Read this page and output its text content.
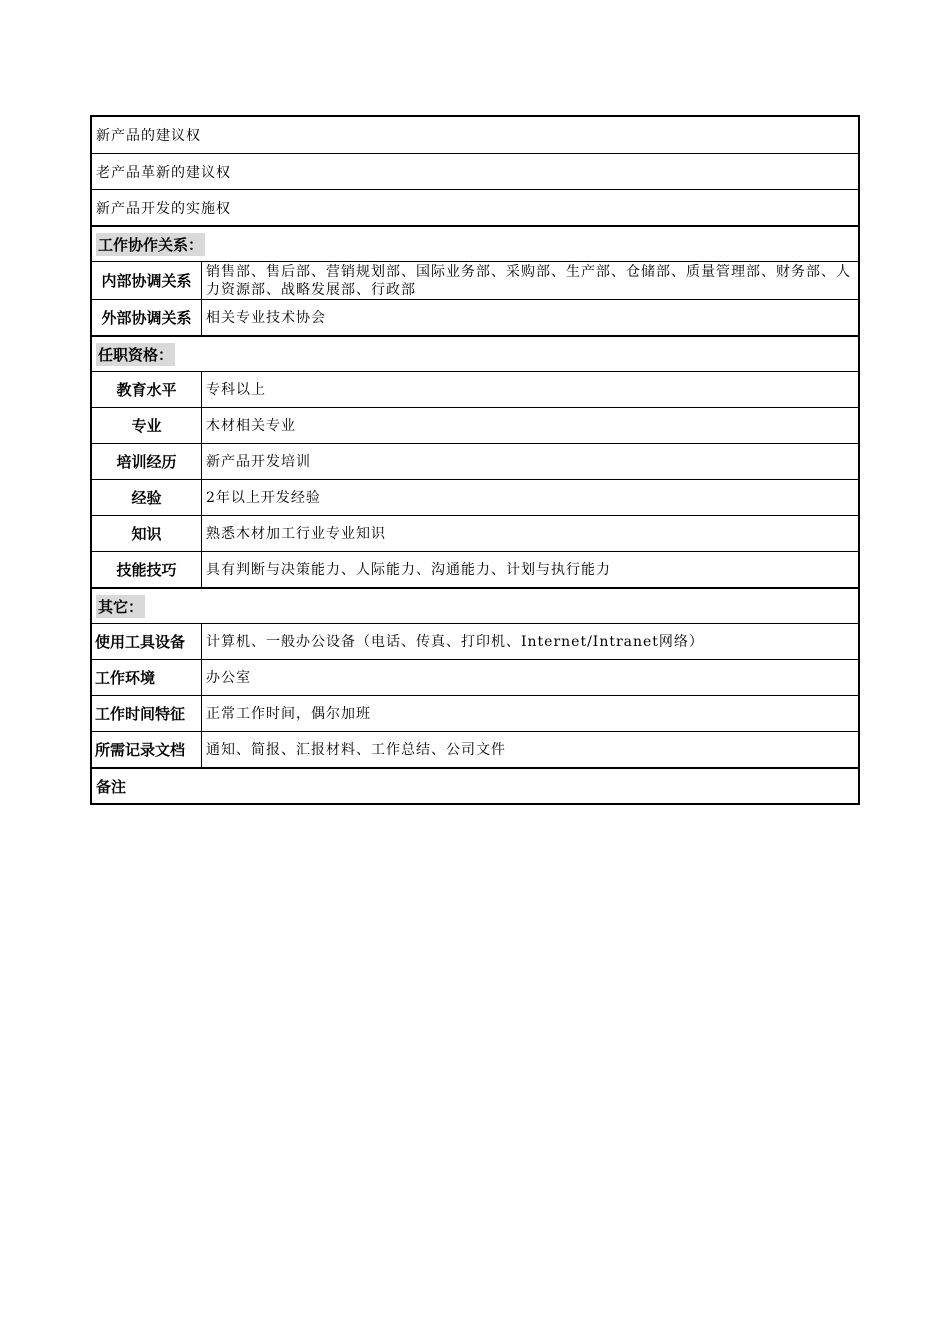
新产品的建议权
老产品革新的建议权
新产品开发的实施权
工作协作关系：
内部协调关系	销售部、售后部、营销规划部、国际业务部、采购部、生产部、仓储部、质量管理部、财务部、人力资源部、战略发展部、行政部
外部协调关系	相关专业技术协会
任职资格：
教育水平	专科以上
专业	木材相关专业
培训经历	新产品开发培训
经验	2年以上开发经验
知识	熟悉木材加工行业专业知识
技能技巧	具有判断与决策能力、人际能力、沟通能力、计划与执行能力
其它：
使用工具设备	计算机、一般办公设备（电话、传真、打印机、Internet/Intranet网络）
工作环境	办公室
工作时间特征	正常工作时间，偶尔加班
所需记录文档	通知、简报、汇报材料、工作总结、公司文件
备注
